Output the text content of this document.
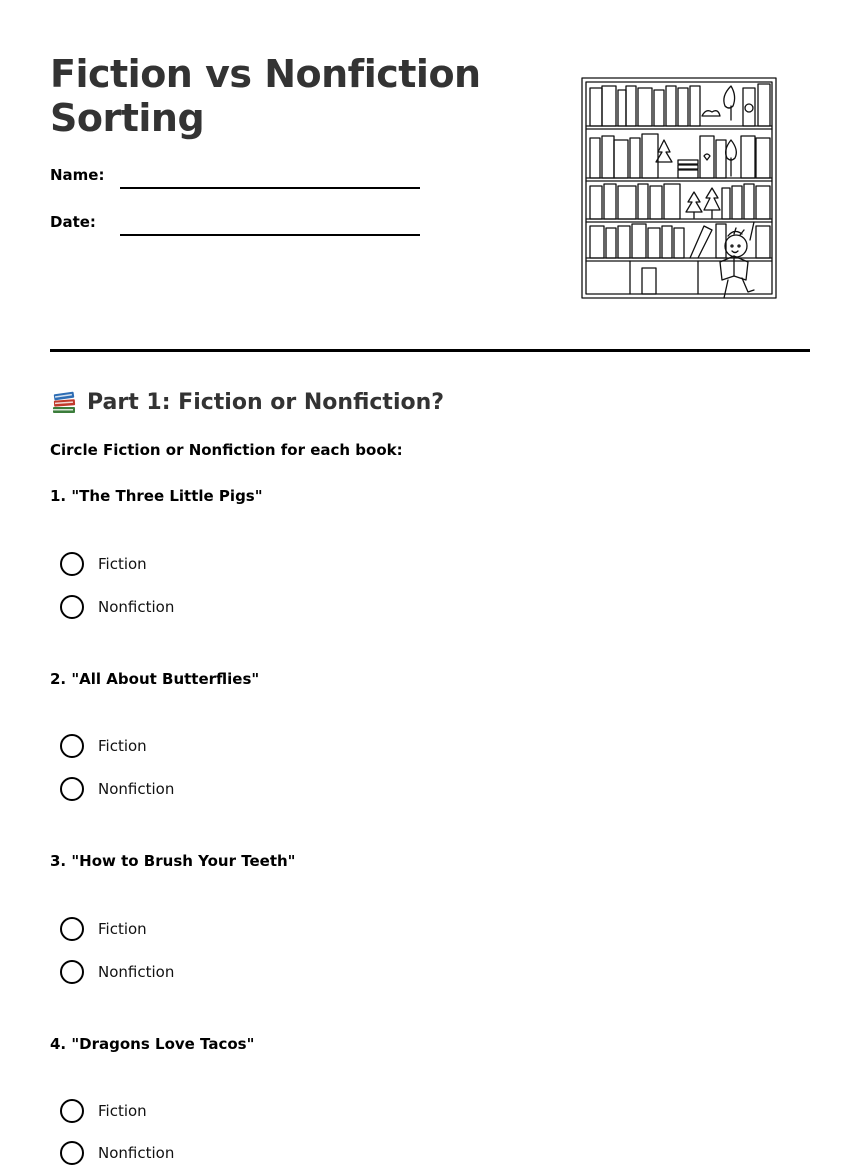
Fiction vs Nonfiction Sorting
Name:
Date:
Part 1: Fiction or Nonfiction?
Circle Fiction or Nonfiction for each book:
1. "The Three Little Pigs"
Fiction
Nonfiction
2. "All About Butterflies"
Fiction
Nonfiction
3. "How to Brush Your Teeth"
Fiction
Nonfiction
4. "Dragons Love Tacos"
Fiction
Nonfiction
